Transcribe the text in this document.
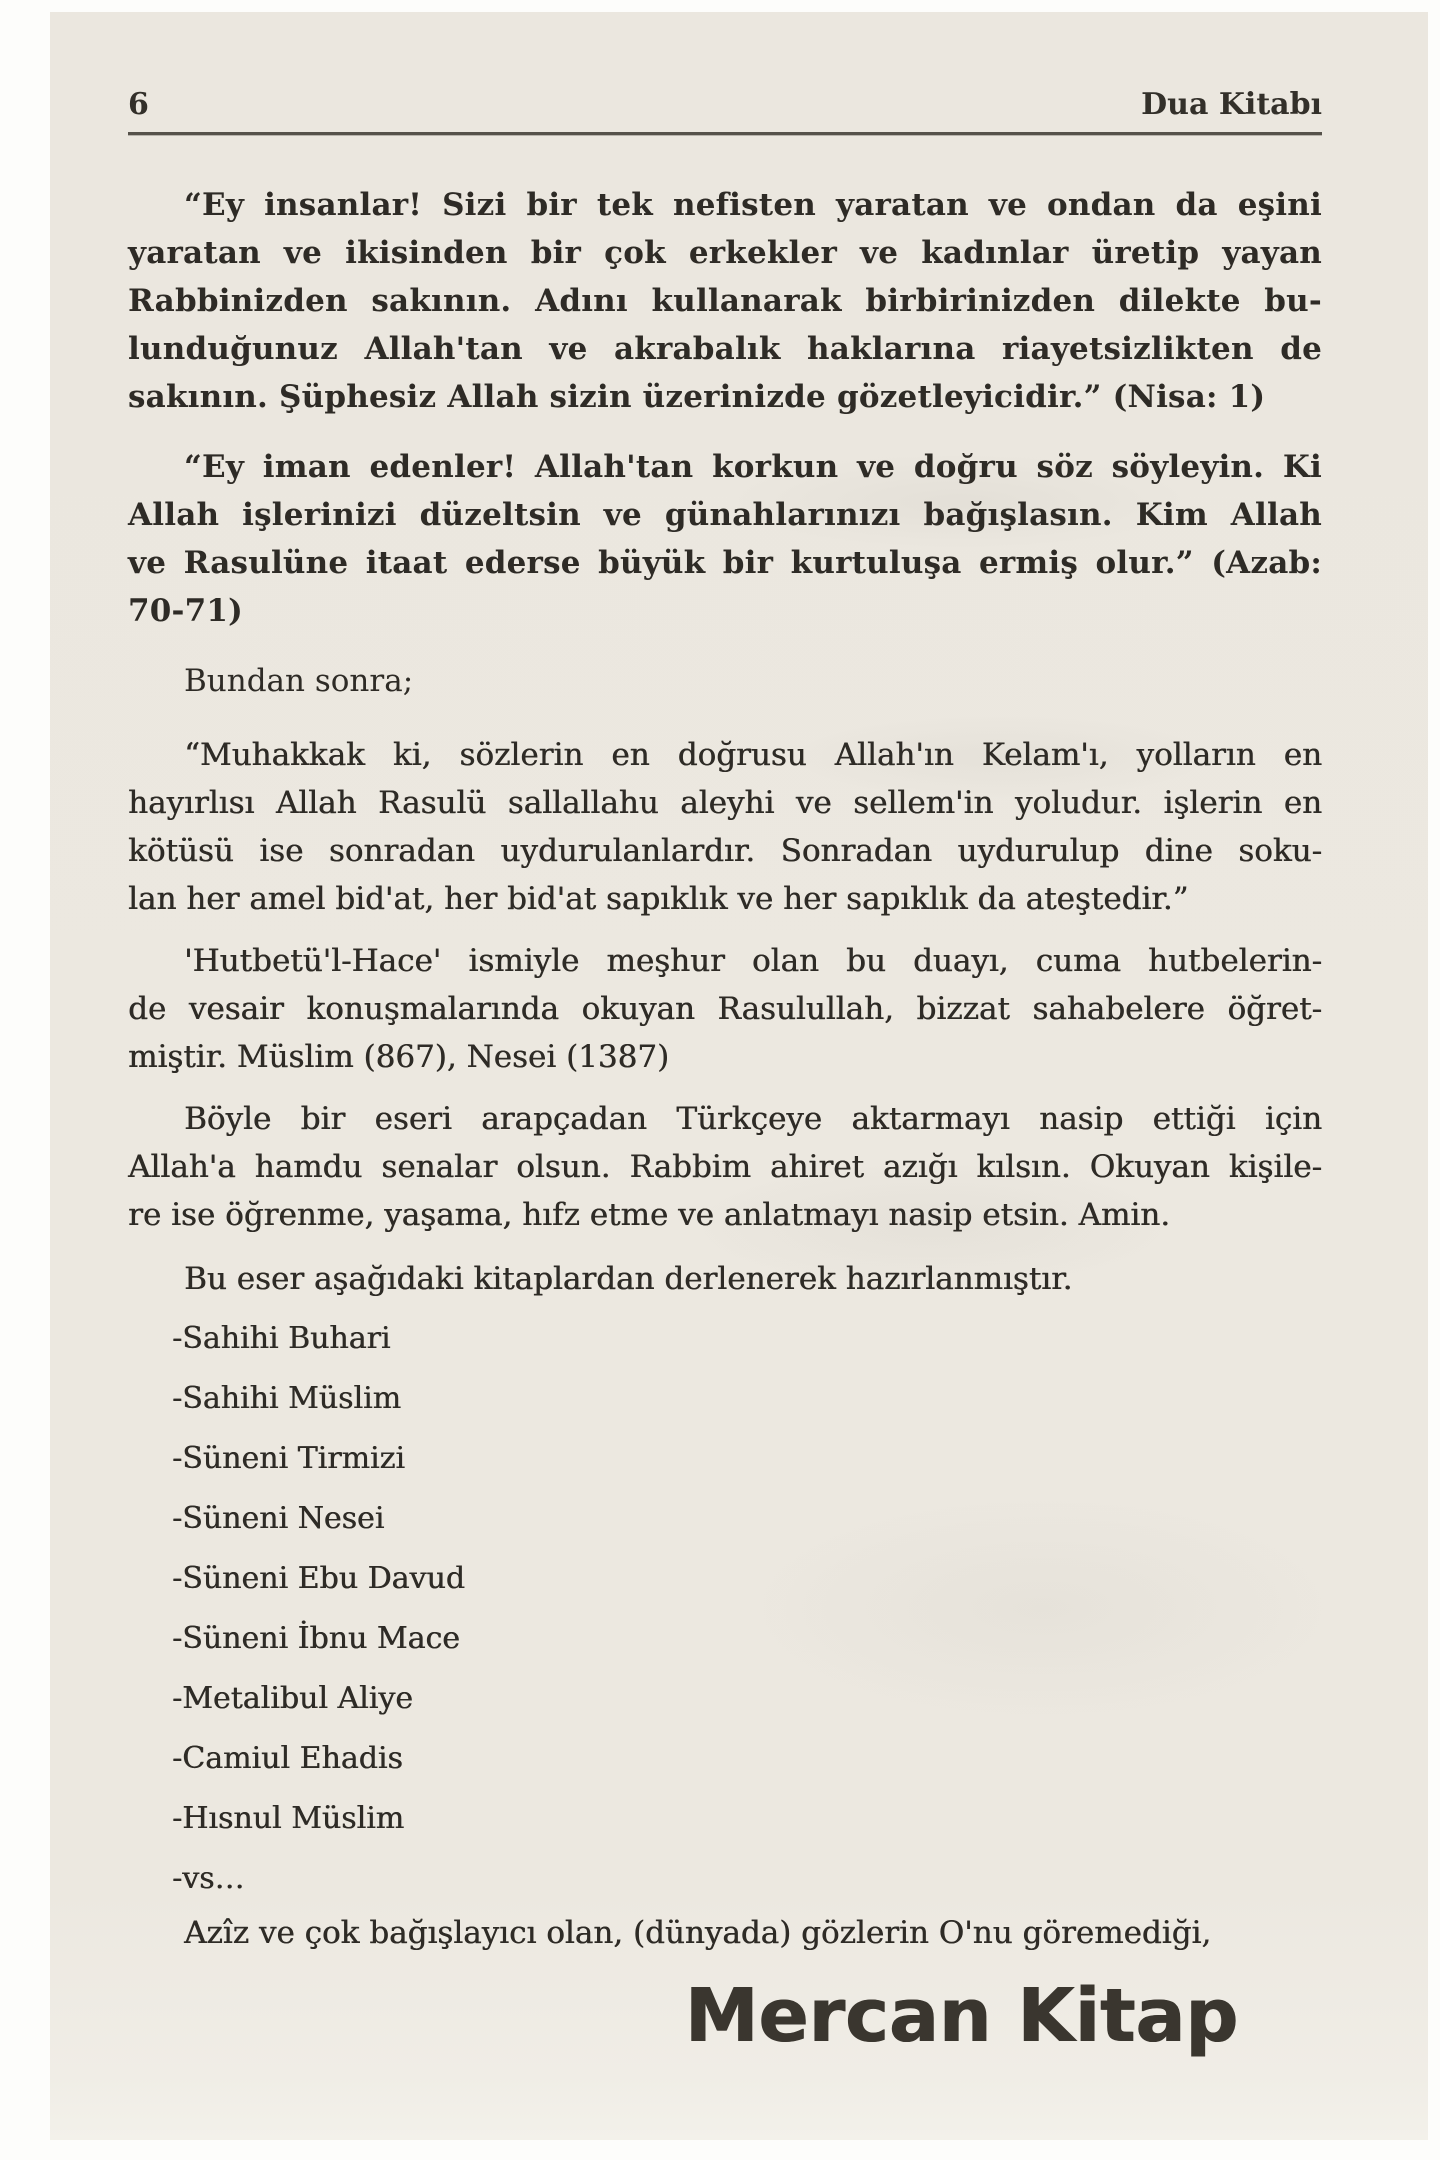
6	Dua Kitabı
“Ey insanlar! Sizi bir tek nefisten yaratan ve ondan da eşini
yaratan ve ikisinden bir çok erkekler ve kadınlar üretip yayan
Rabbinizden sakının. Adını kullanarak birbirinizden dilekte bu-
lunduğunuz Allah'tan ve akrabalık haklarına riayetsizlikten de
sakının. Şüphesiz Allah sizin üzerinizde gözetleyicidir.” (Nisa: 1)
“Ey iman edenler! Allah'tan korkun ve doğru söz söyleyin. Ki
Allah işlerinizi düzeltsin ve günahlarınızı bağışlasın. Kim Allah
ve Rasulüne itaat ederse büyük bir kurtuluşa ermiş olur.” (Azab:
70-71)
Bundan sonra;
“Muhakkak ki, sözlerin en doğrusu Allah'ın Kelam'ı, yolların en
hayırlısı Allah Rasulü sallallahu aleyhi ve sellem'in yoludur. işlerin en
kötüsü ise sonradan uydurulanlardır. Sonradan uydurulup dine soku-
lan her amel bid'at, her bid'at sapıklık ve her sapıklık da ateştedir.”
'Hutbetü'l-Hace' ismiyle meşhur olan bu duayı, cuma hutbelerin-
de vesair konuşmalarında okuyan Rasulullah, bizzat sahabelere öğret-
miştir. Müslim (867), Nesei (1387)
Böyle bir eseri arapçadan Türkçeye aktarmayı nasip ettiği için
Allah'a hamdu senalar olsun. Rabbim ahiret azığı kılsın. Okuyan kişile-
re ise öğrenme, yaşama, hıfz etme ve anlatmayı nasip etsin. Amin.
Bu eser aşağıdaki kitaplardan derlenerek hazırlanmıştır.
-Sahihi Buhari
-Sahihi Müslim
-Süneni Tirmizi
-Süneni Nesei
-Süneni Ebu Davud
-Süneni İbnu Mace
-Metalibul Aliye
-Camiul Ehadis
-Hısnul Müslim
-vs…
Azîz ve çok bağışlayıcı olan, (dünyada) gözlerin O'nu göremediği,
Mercan Kitap
